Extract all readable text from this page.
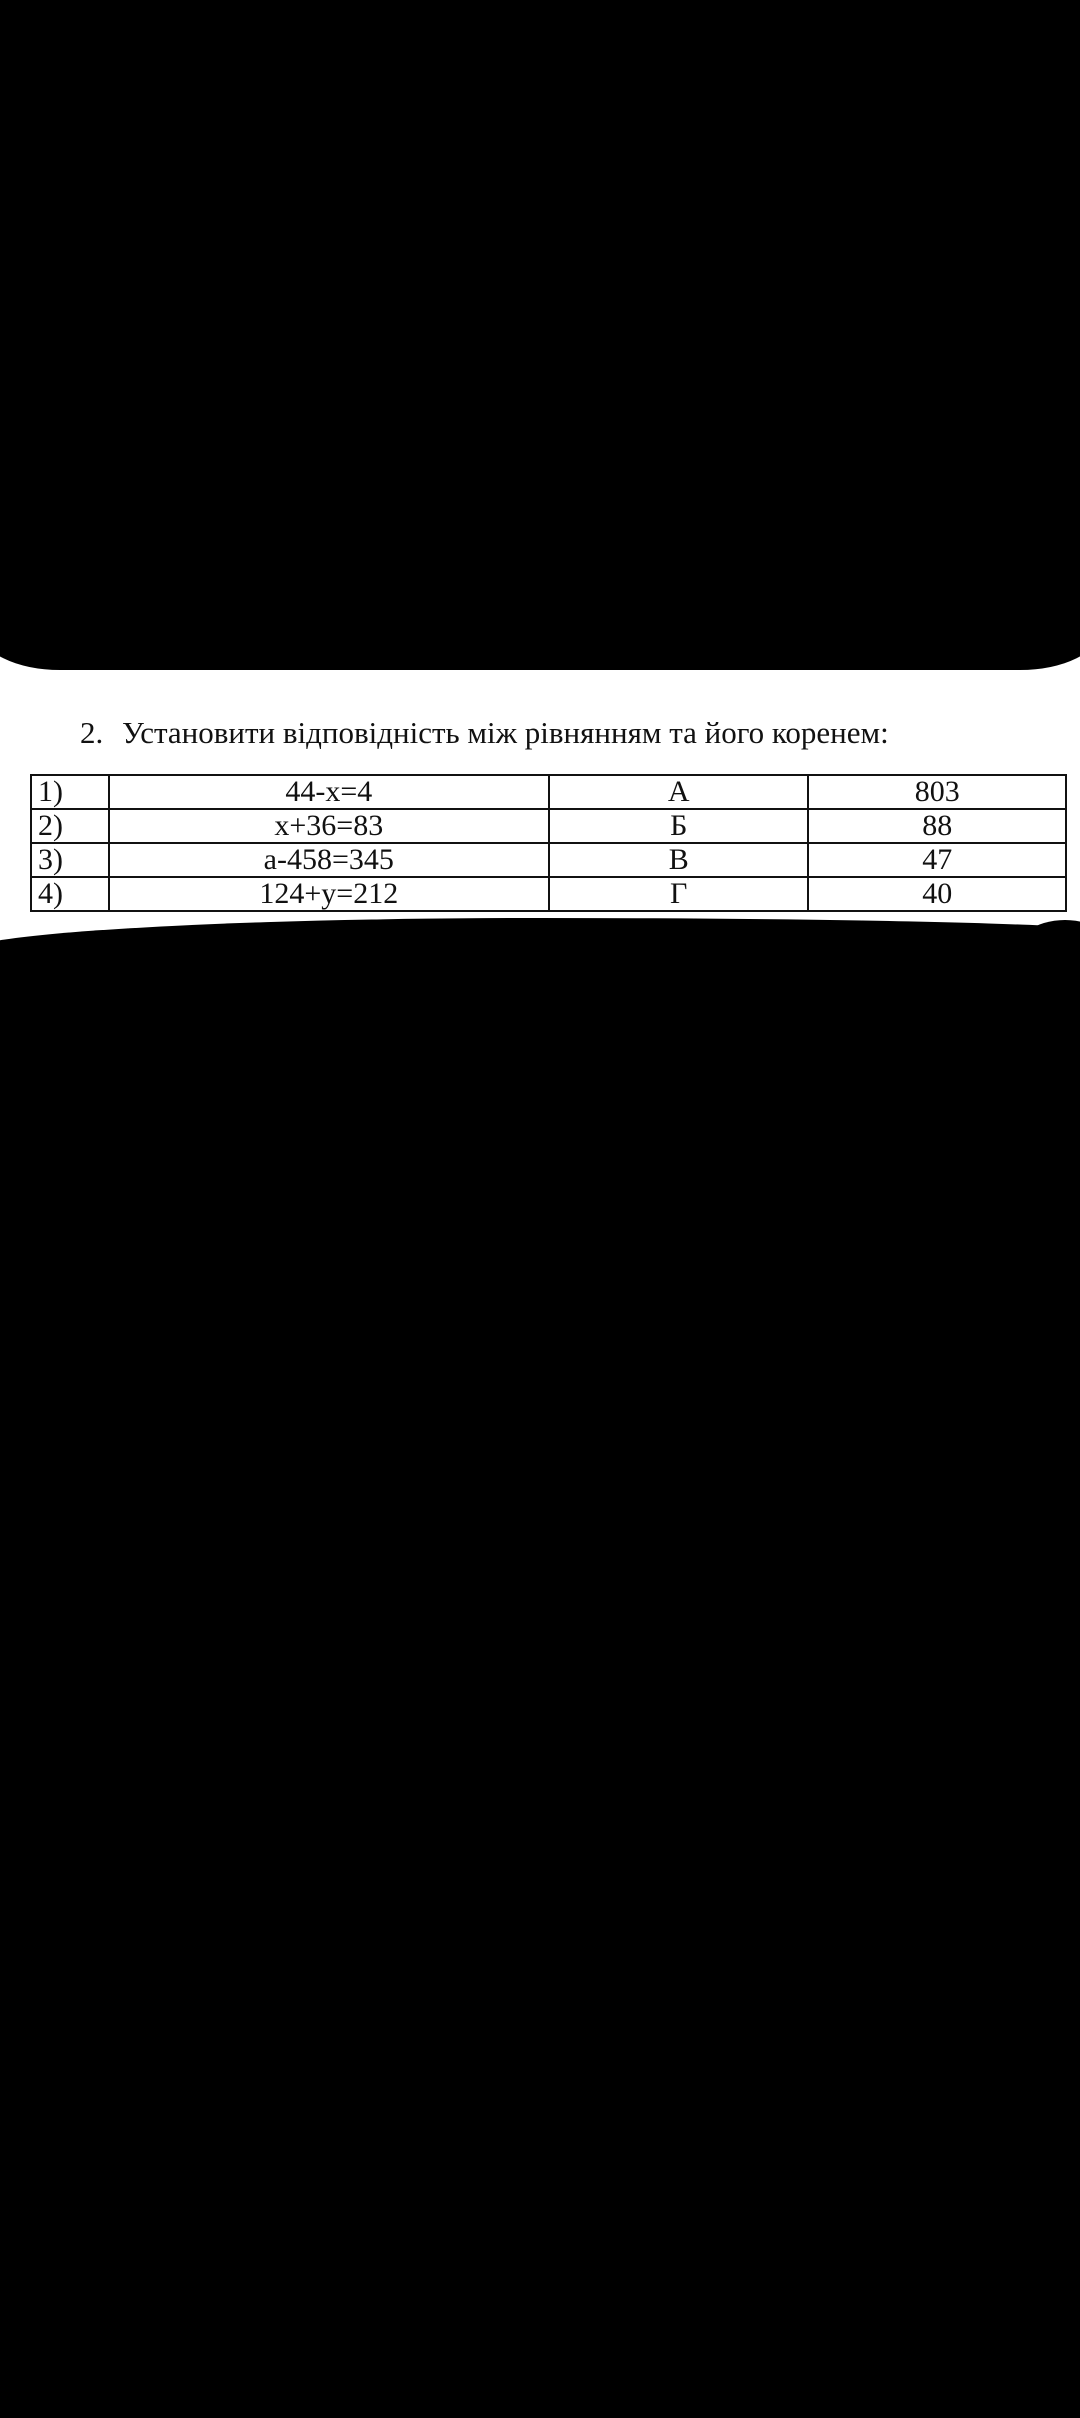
2. Установити відповідність між рівнянням та його коренем:
1)	44-x=4	А	803
2)	x+36=83	Б	88
3)	a-458=345	В	47
4)	124+y=212	Г	40
